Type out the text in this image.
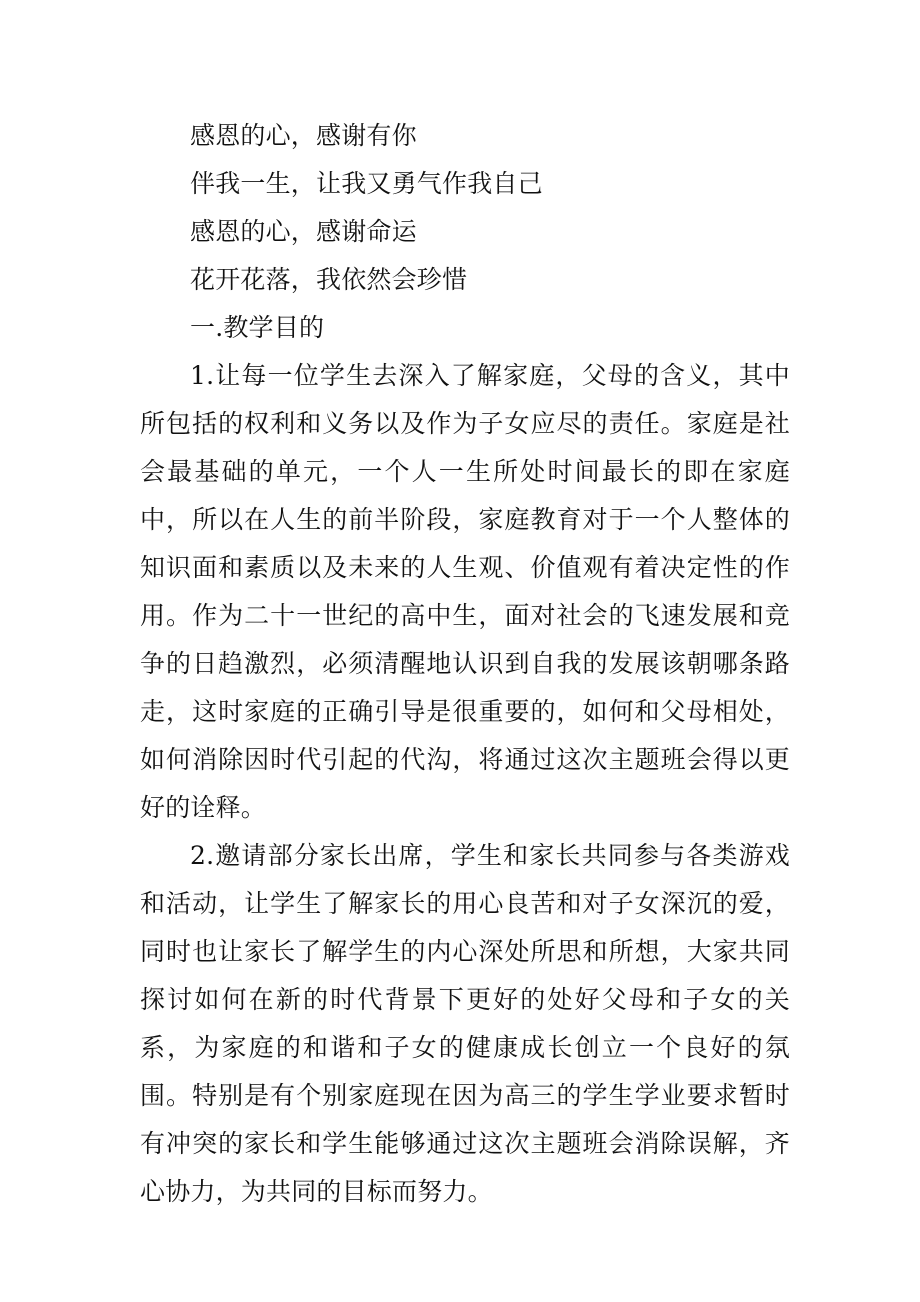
感恩的心，感谢有你
伴我一生，让我又勇气作我自己
感恩的心，感谢命运
花开花落，我依然会珍惜
一.教学目的
1.让每一位学生去深入了解家庭，父母的含义，其中所包括的权利和义务以及作为子女应尽的责任。家庭是社会最基础的单元，一个人一生所处时间最长的即在家庭中，所以在人生的前半阶段，家庭教育对于一个人整体的知识面和素质以及未来的人生观、价值观有着决定性的作用。作为二十一世纪的高中生，面对社会的飞速发展和竞争的日趋激烈，必须清醒地认识到自我的发展该朝哪条路走，这时家庭的正确引导是很重要的，如何和父母相处，如何消除因时代引起的代沟，将通过这次主题班会得以更好的诠释。
2.邀请部分家长出席，学生和家长共同参与各类游戏和活动，让学生了解家长的用心良苦和对子女深沉的爱，同时也让家长了解学生的内心深处所思和所想，大家共同探讨如何在新的时代背景下更好的处好父母和子女的关系，为家庭的和谐和子女的健康成长创立一个良好的氛围。特别是有个别家庭现在因为高三的学生学业要求暂时有冲突的家长和学生能够通过这次主题班会消除误解，齐心协力，为共同的目标而努力。
